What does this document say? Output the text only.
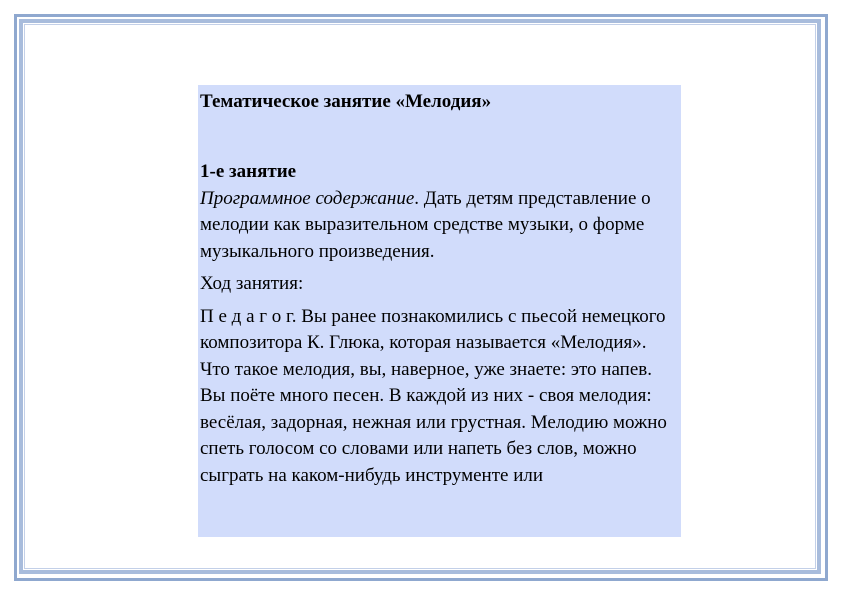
Тематическое занятие «Мелодия»

1-е занятие

Программное содержание. Дать детям представление о мелодии как выразительном средстве музыки, о форме музыкального произведения.

Ход занятия:

П е д а г о г. Вы ранее познакомились с пьесой немецкого композитора К. Глюка, которая называется «Мелодия». Что такое мелодия, вы, наверное, уже знаете: это напев. Вы поёте много песен. В каждой из них - своя мелодия: весёлая, задорная, нежная или грустная. Мелодию можно спеть голосом со словами или напеть без слов, можно сыграть на каком-нибудь инструменте или
